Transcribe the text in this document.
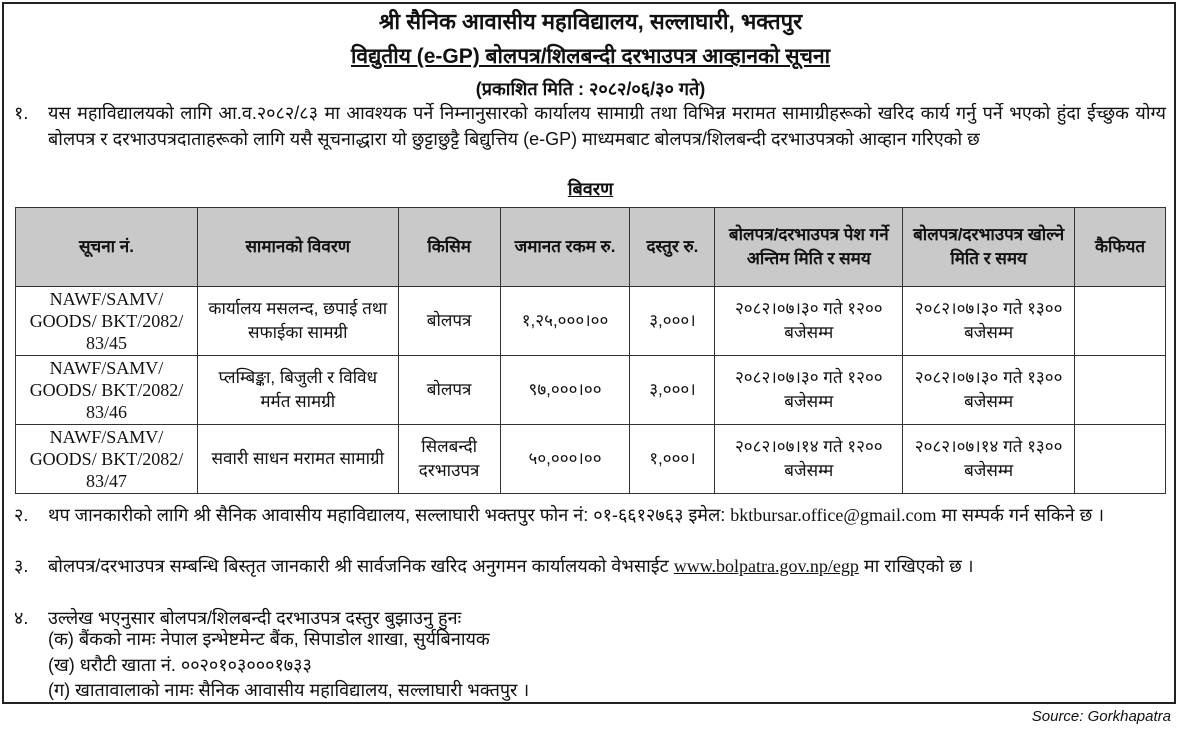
श्री सैनिक आवासीय महाविद्यालय, सल्लाघारी, भक्तपुर
विद्युतीय (e-GP) बोलपत्र/शिलबन्दी दरभाउपत्र आव्हानको सूचना
(प्रकाशित मिति : २०८२/०६/३० गते)
१. यस महाविद्यालयको लागि आ.व.२०८२/८३ मा आवश्यक पर्ने निम्नानुसारको कार्यालय सामाग्री तथा विभिन्न मरामत सामाग्रीहरूको खरिद कार्य गर्नु पर्ने भएको हुंदा ईच्छुक योग्य बोलपत्र र दरभाउपत्रदाताहरूको लागि यसै सूचनाद्धारा यो छुट्टाछुट्टै बिद्युत्तिय (e-GP) माध्यमबाट बोलपत्र/शिलबन्दी दरभाउपत्रको आव्हान गरिएको छ
बिवरण
सूचना नं.	सामानको विवरण	किसिम	जमानत रकम रु.	दस्तुर रु.	बोलपत्र/दरभाउपत्र पेश गर्ने अन्तिम मिति र समय	बोलपत्र/दरभाउपत्र खोल्ने मिति र समय	कैफियत
NAWF/SAMV/ GOODS/ BKT/2082/ 83/45	कार्यालय मसलन्द, छपाई तथा सफाईका सामग्री	बोलपत्र	१,२५,०००।००	३,०००।	२०८२।०७।३० गते १२०० बजेसम्म	२०८२।०७।३० गते १३०० बजेसम्म	
NAWF/SAMV/ GOODS/ BKT/2082/ 83/46	प्लम्बिङ्का, बिजुली र विविध मर्मत सामग्री	बोलपत्र	९७,०००।००	३,०००।	२०८२।०७।३० गते १२०० बजेसम्म	२०८२।०७।३० गते १३०० बजेसम्म	
NAWF/SAMV/ GOODS/ BKT/2082/ 83/47	सवारी साधन मरामत सामाग्री	सिलबन्दी दरभाउपत्र	५०,०००।००	१,०००।	२०८२।०७।१४ गते १२०० बजेसम्म	२०८२।०७।१४ गते १३०० बजेसम्म	
२. थप जानकारीको लागि श्री सैनिक आवासीय महाविद्यालय, सल्लाघारी भक्तपुर फोन नं: ०१-६६१२७६३ इमेल: bktbursar.office@gmail.com मा सम्पर्क गर्न सकिने छ ।
३. बोलपत्र/दरभाउपत्र सम्बन्धि बिस्तृत जानकारी श्री सार्वजनिक खरिद अनुगमन कार्यालयको वेभसाईट www.bolpatra.gov.np/egp मा राखिएको छ ।
४. उल्लेख भएनुसार बोलपत्र/शिलबन्दी दरभाउपत्र दस्तुर बुझाउनु हुनः
(क) बैंकको नामः नेपाल इन्भेष्टमेन्ट बैंक, सिपाडोल शाखा, सुर्यबिनायक
(ख) धरौटी खाता नं. ००२०१०३०००१७३३
(ग) खातावालाको नामः सैनिक आवासीय महाविद्यालय, सल्लाघारी भक्तपुर ।
Source: Gorkhapatra
